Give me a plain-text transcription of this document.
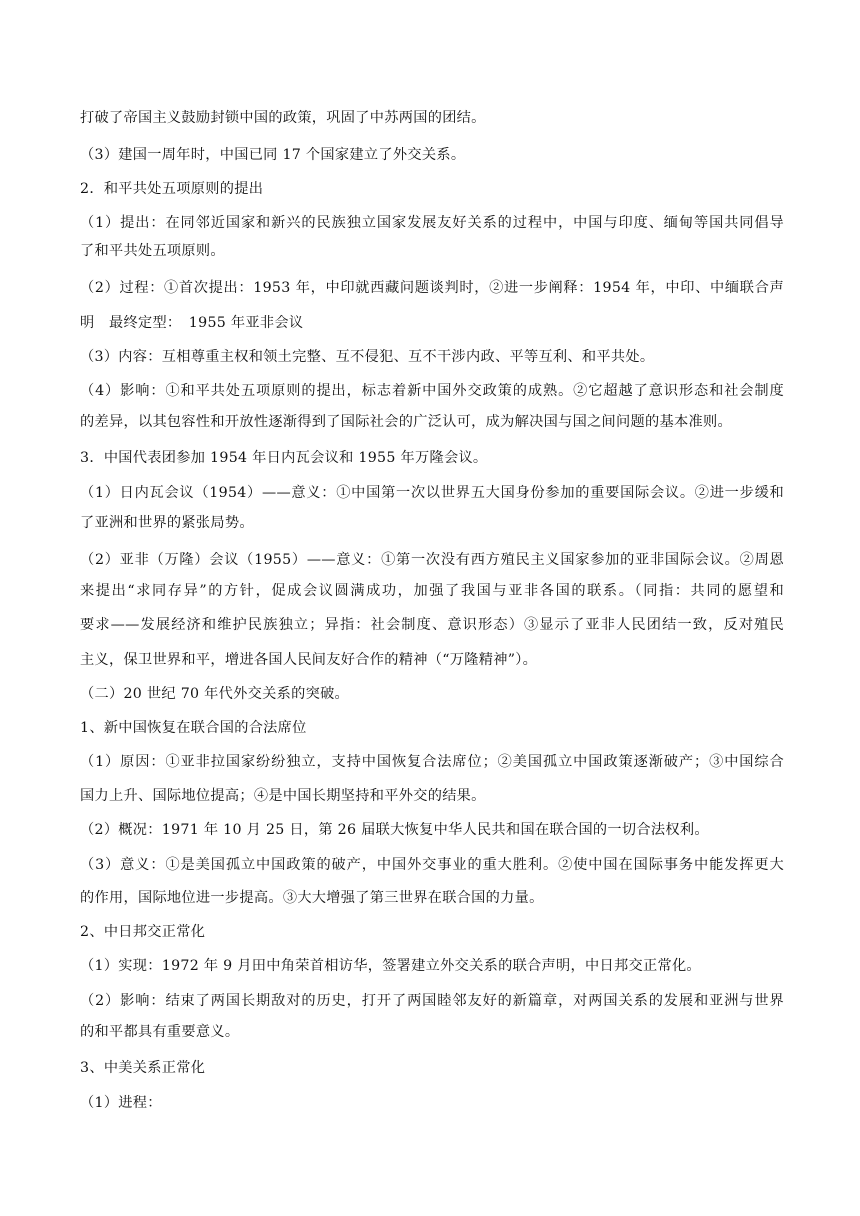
打破了帝国主义鼓励封锁中国的政策，巩固了中苏两国的团结。
（3）建国一周年时，中国已同 17 个国家建立了外交关系。
2．和平共处五项原则的提出
（1）提出：在同邻近国家和新兴的民族独立国家发展友好关系的过程中，中国与印度、缅甸等国共同倡导
了和平共处五项原则。
（2）过程：①首次提出：1953 年，中印就西藏问题谈判时，②进一步阐释：1954 年，中印、中缅联合声
明　最终定型：　1955 年亚非会议
（3）内容：互相尊重主权和领土完整、互不侵犯、互不干涉内政、平等互利、和平共处。
（4）影响：①和平共处五项原则的提出，标志着新中国外交政策的成熟。②它超越了意识形态和社会制度
的差异，以其包容性和开放性逐渐得到了国际社会的广泛认可，成为解决国与国之间问题的基本准则。
3．中国代表团参加 1954 年日内瓦会议和 1955 年万隆会议。
（1）日内瓦会议（1954）——意义：①中国第一次以世界五大国身份参加的重要国际会议。②进一步缓和
了亚洲和世界的紧张局势。
（2）亚非（万隆）会议（1955）——意义：①第一次没有西方殖民主义国家参加的亚非国际会议。②周恩
来提出“求同存异”的方针，促成会议圆满成功，加强了我国与亚非各国的联系。（同指：共同的愿望和
要求——发展经济和维护民族独立；异指：社会制度、意识形态）③显示了亚非人民团结一致，反对殖民
主义，保卫世界和平，增进各国人民间友好合作的精神（“万隆精神”）。
（二）20 世纪 70 年代外交关系的突破。
1、新中国恢复在联合国的合法席位
（1）原因：①亚非拉国家纷纷独立，支持中国恢复合法席位；②美国孤立中国政策逐渐破产；③中国综合
国力上升、国际地位提高；④是中国长期坚持和平外交的结果。
（2）概况：1971 年 10 月 25 日，第 26 届联大恢复中华人民共和国在联合国的一切合法权利。
（3）意义：①是美国孤立中国政策的破产，中国外交事业的重大胜利。②使中国在国际事务中能发挥更大
的作用，国际地位进一步提高。③大大增强了第三世界在联合国的力量。
2、中日邦交正常化
（1）实现：1972 年 9 月田中角荣首相访华，签署建立外交关系的联合声明，中日邦交正常化。
（2）影响：结束了两国长期敌对的历史，打开了两国睦邻友好的新篇章，对两国关系的发展和亚洲与世界
的和平都具有重要意义。
3、中美关系正常化
（1）进程：
